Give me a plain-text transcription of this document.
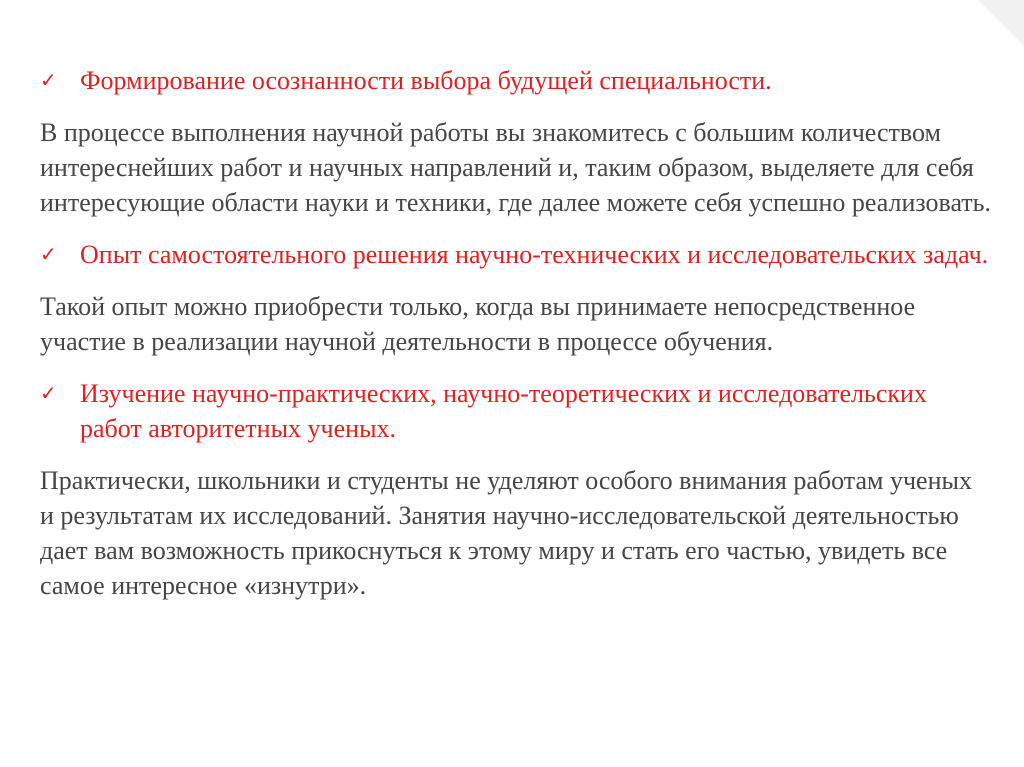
✓ Формирование осознанности выбора будущей специальности.

В процессе выполнения научной работы вы знакомитесь с большим количеством интереснейших работ и научных направлений и, таким образом, выделяете для себя интересующие области науки и техники, где далее можете себя успешно реализовать.

✓ Опыт самостоятельного решения научно-технических и исследовательских задач.

Такой опыт можно приобрести только, когда вы принимаете непосредственное участие в реализации научной деятельности в процессе обучения.

✓ Изучение научно-практических, научно-теоретических и исследовательских работ авторитетных ученых.

Практически, школьники и студенты не уделяют особого внимания работам ученых и результатам их исследований. Занятия научно-исследовательской деятельностью дает вам возможность прикоснуться к этому миру и стать его частью, увидеть все самое интересное «изнутри».
